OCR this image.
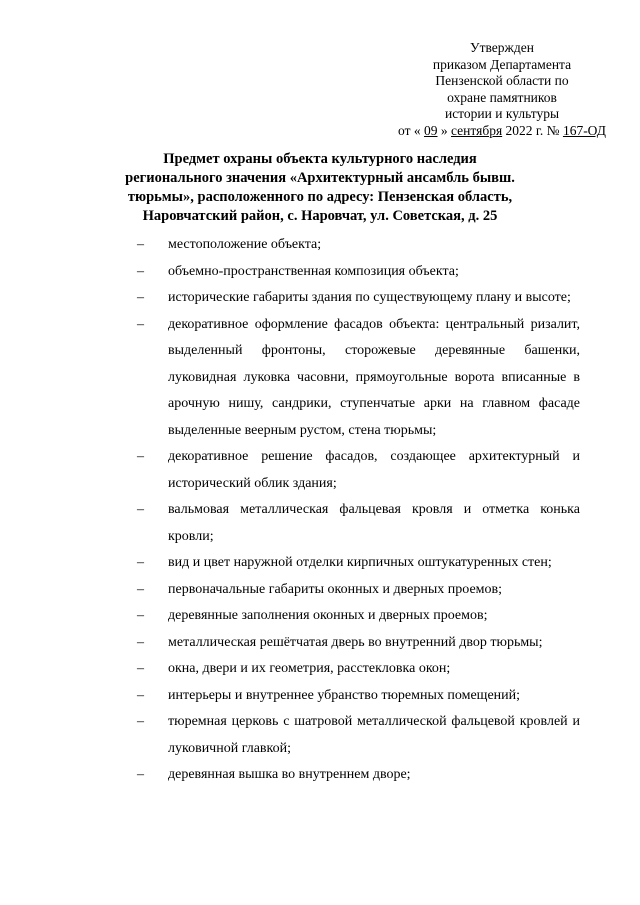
Утвержден
приказом Департамента
Пензенской области по
охране памятников
истории и культуры
от « 09 » сентября 2022 г. № 167-ОД
Предмет охраны объекта культурного наследия
регионального значения «Архитектурный ансамбль бывш.
тюрьмы», расположенного по адресу: Пензенская область,
Наровчатский район, с. Наровчат, ул. Советская, д. 25
–	местоположение объекта;
–	объемно-пространственная композиция объекта;
–	исторические габариты здания по существующему плану и высоте;
–	декоративное оформление фасадов объекта: центральный ризалит, выделенный фронтоны, сторожевые деревянные башенки, луковидная луковка часовни, прямоугольные ворота вписанные в арочную нишу, сандрики, ступенчатые арки на главном фасаде выделенные веерным рустом, стена тюрьмы;
–	декоративное решение фасадов, создающее архитектурный и исторический облик здания;
–	вальмовая металлическая фальцевая кровля и отметка конька кровли;
–	вид и цвет наружной отделки кирпичных оштукатуренных стен;
–	первоначальные габариты оконных и дверных проемов;
–	деревянные заполнения оконных и дверных проемов;
–	металлическая решётчатая дверь во внутренний двор тюрьмы;
–	окна, двери и их геометрия, расстекловка окон;
–	интерьеры и внутреннее убранство тюремных помещений;
–	тюремная церковь с шатровой металлической фальцевой кровлей и луковичной главкой;
–	деревянная вышка во внутреннем дворе;
